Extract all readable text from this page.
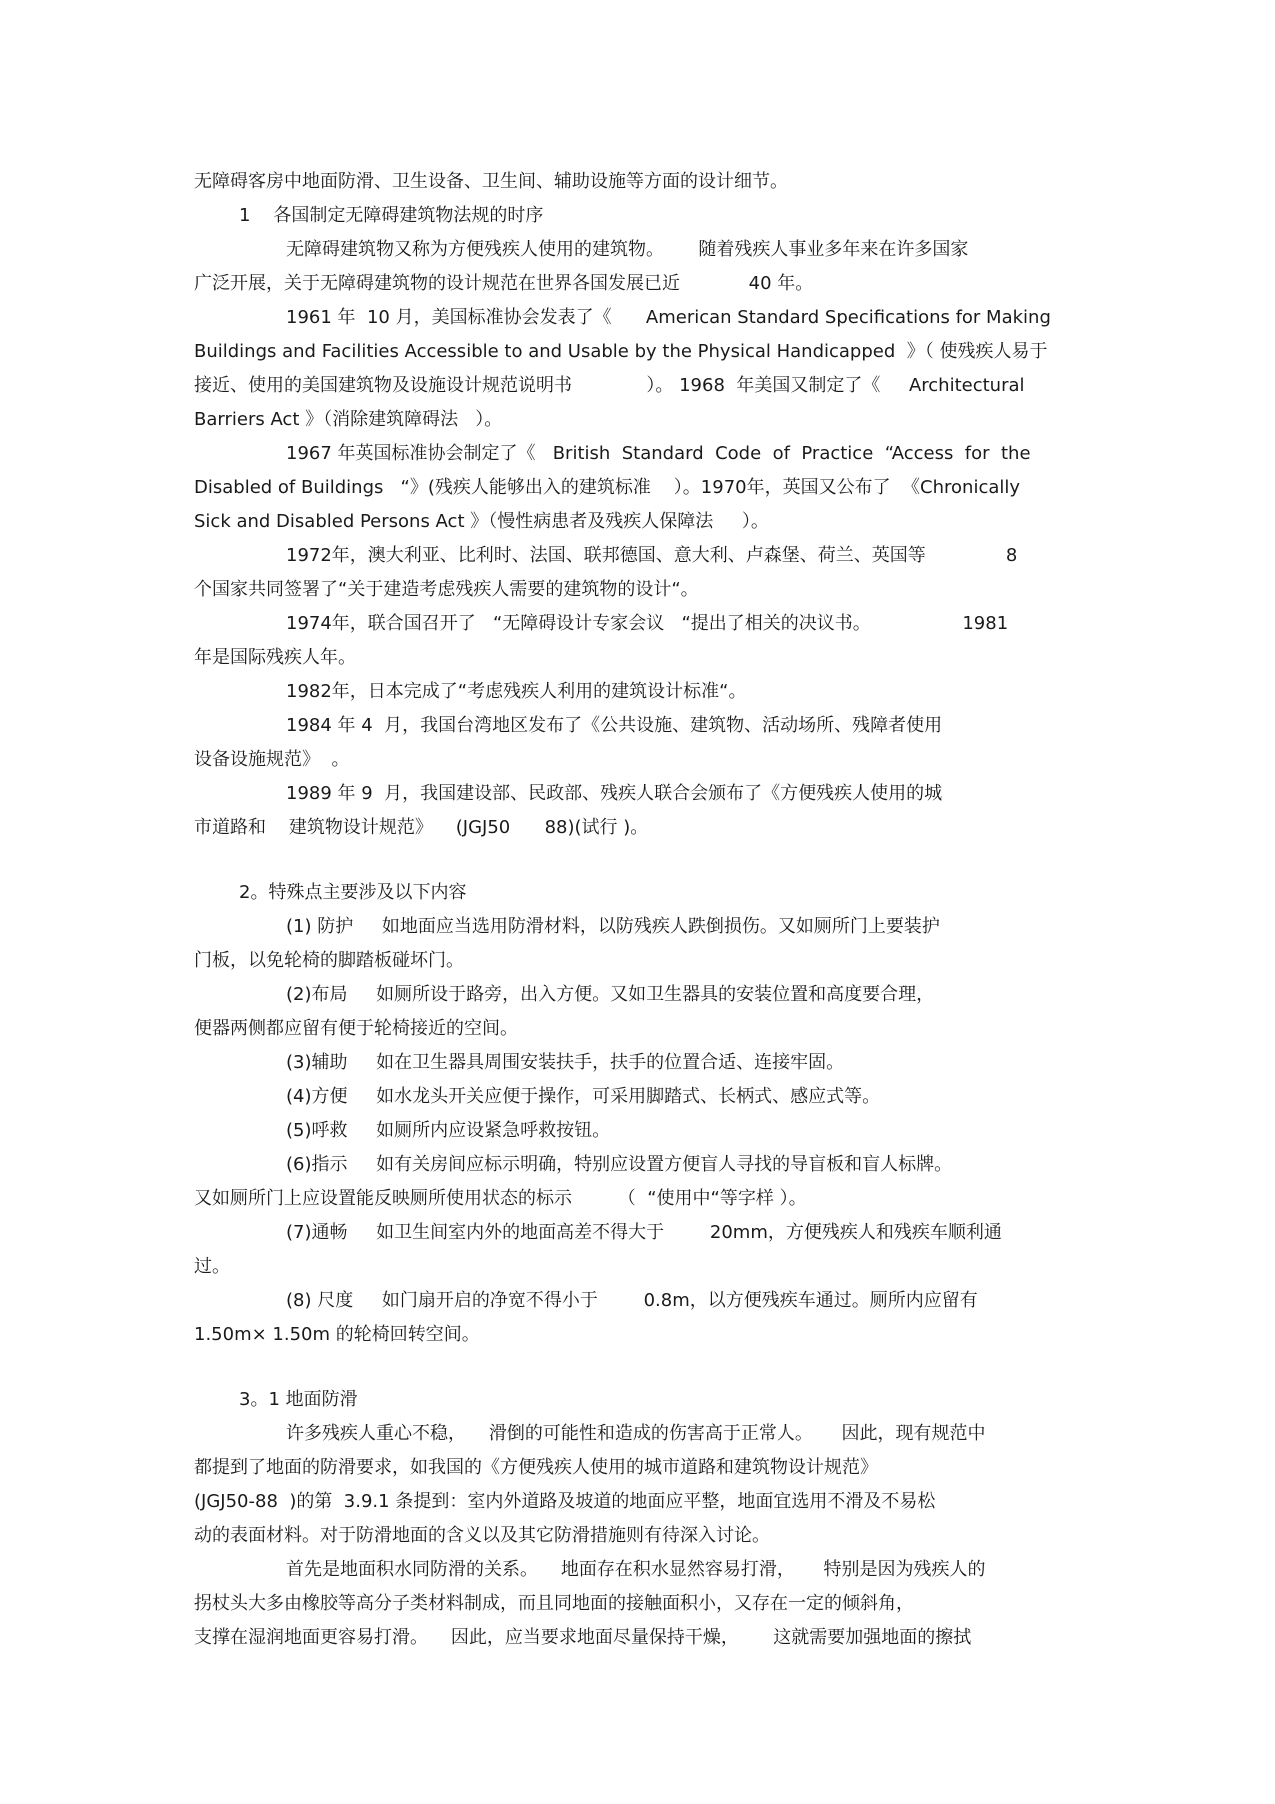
无障碍客房中地面防滑、卫生设备、卫生间、辅助设施等方面的设计细节。
1    各国制定无障碍建筑物法规的时序
无障碍建筑物又称为方便残疾人使用的建筑物。      随着残疾人事业多年来在许多国家
广泛开展，关于无障碍建筑物的设计规范在世界各国发展已近            40 年。
1961 年  10 月，美国标准协会发表了《      American Standard Specifications for Making
Buildings and Facilities Accessible to and Usable by the Physical Handicapped  》（ 使残疾人易于
接近、使用的美国建筑物及设施设计规范说明书             ）。 1968  年美国又制定了《     Architectural
Barriers Act 》（消除建筑障碍法   ）。
1967 年英国标准协会制定了《   British  Standard  Code  of  Practice  “Access  for  the
Disabled of Buildings   “》(残疾人能够出入的建筑标准    ）。1970年，英国又公布了  《Chronically
Sick and Disabled Persons Act 》（慢性病患者及残疾人保障法     ）。
1972年，澳大利亚、比利时、法国、联邦德国、意大利、卢森堡、荷兰、英国等              8
个国家共同签署了“关于建造考虑残疾人需要的建筑物的设计“。
1974年，联合国召开了   “无障碍设计专家会议   “提出了相关的决议书。                1981
年是国际残疾人年。
1982年，日本完成了“考虑残疾人利用的建筑设计标准“。
1984 年 4  月，我国台湾地区发布了《公共设施、建筑物、活动场所、残障者使用
设备设施规范》  。
1989 年 9  月，我国建设部、民政部、残疾人联合会颁布了《方便残疾人使用的城
市道路和    建筑物设计规范》    (JGJ50      88)(试行 )。
2。特殊点主要涉及以下内容
(1) 防护     如地面应当选用防滑材料，以防残疾人跌倒损伤。又如厕所门上要装护
门板，以免轮椅的脚踏板碰坏门。
(2)布局     如厕所设于路旁，出入方便。又如卫生器具的安装位置和高度要合理，
便器两侧都应留有便于轮椅接近的空间。
(3)辅助     如在卫生器具周围安装扶手，扶手的位置合适、连接牢固。
(4)方便     如水龙头开关应便于操作，可采用脚踏式、长柄式、感应式等。
(5)呼救     如厕所内应设紧急呼救按钮。
(6)指示     如有关房间应标示明确，特别应设置方便盲人寻找的导盲板和盲人标牌。
又如厕所门上应设置能反映厕所使用状态的标示        （  “使用中“等字样 ）。
(7)通畅     如卫生间室内外的地面高差不得大于        20mm，方便残疾人和残疾车顺利通
过。
(8) 尺度     如门扇开启的净宽不得小于        0.8m，以方便残疾车通过。厕所内应留有
1.50m× 1.50m 的轮椅回转空间。
3。1 地面防滑
许多残疾人重心不稳，    滑倒的可能性和造成的伤害高于正常人。     因此，现有规范中
都提到了地面的防滑要求，如我国的《方便残疾人使用的城市道路和建筑物设计规范》
(JGJ50-88  )的第  3.9.1 条提到：室内外道路及坡道的地面应平整，地面宜选用不滑及不易松
动的表面材料。对于防滑地面的含义以及其它防滑措施则有待深入讨论。
首先是地面积水同防滑的关系。    地面存在积水显然容易打滑，     特别是因为残疾人的
拐杖头大多由橡胶等高分子类材料制成，而且同地面的接触面积小，又存在一定的倾斜角，
支撑在湿润地面更容易打滑。    因此，应当要求地面尽量保持干燥，      这就需要加强地面的擦拭
